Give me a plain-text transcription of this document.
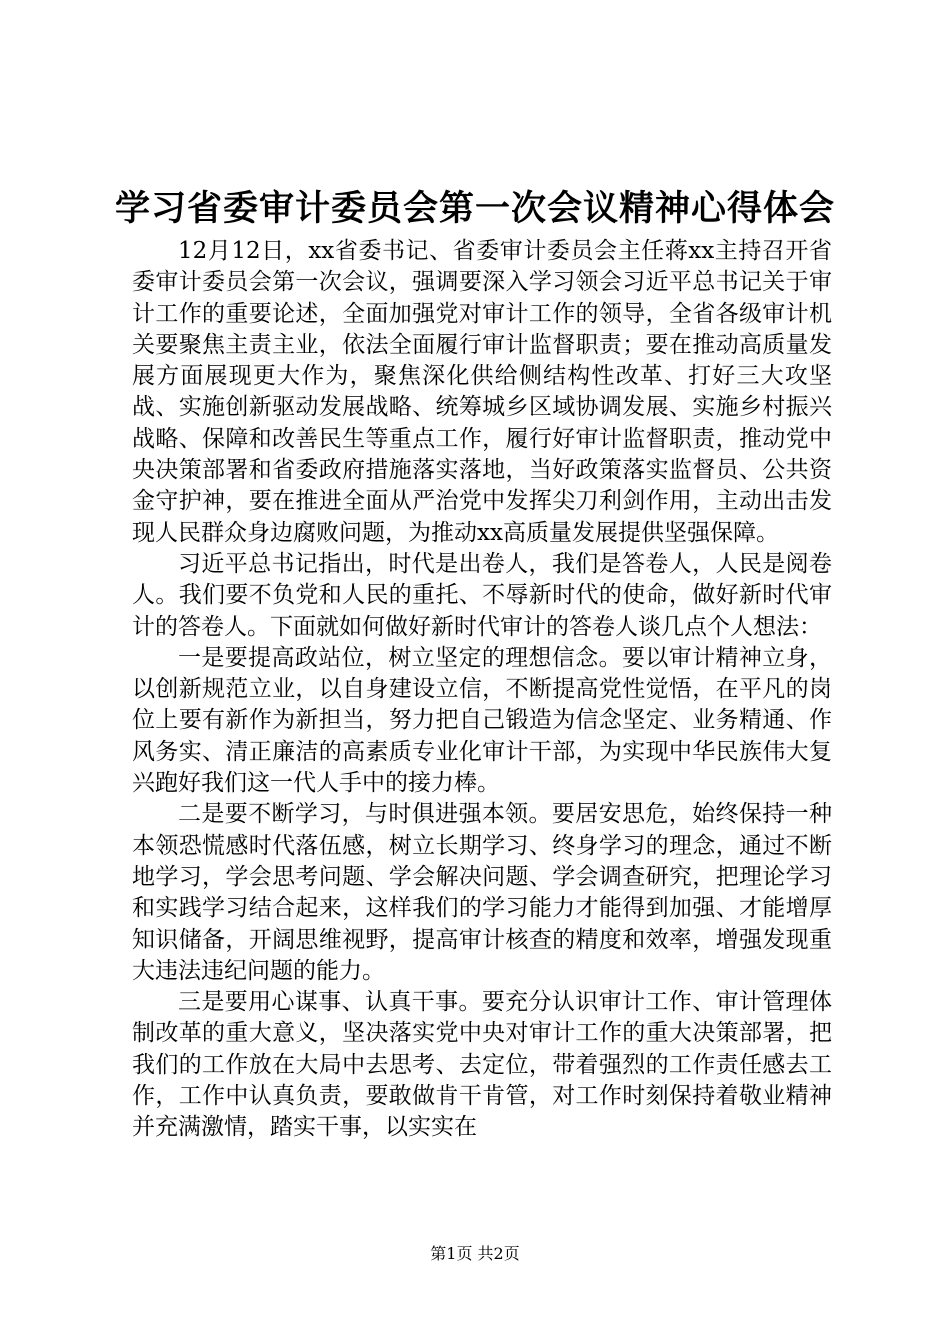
学习省委审计委员会第一次会议精神心得体会

12月12日，xx省委书记、省委审计委员会主任蒋xx主持召开省委审计委员会第一次会议，强调要深入学习领会习近平总书记关于审计工作的重要论述，全面加强党对审计工作的领导，全省各级审计机关要聚焦主责主业，依法全面履行审计监督职责；要在推动高质量发展方面展现更大作为，聚焦深化供给侧结构性改革、打好三大攻坚战、实施创新驱动发展战略、统筹城乡区域协调发展、实施乡村振兴战略、保障和改善民生等重点工作，履行好审计监督职责，推动党中央决策部署和省委政府措施落实落地，当好政策落实监督员、公共资金守护神，要在推进全面从严治党中发挥尖刀利剑作用，主动出击发现人民群众身边腐败问题，为推动xx高质量发展提供坚强保障。

习近平总书记指出，时代是出卷人，我们是答卷人，人民是阅卷人。我们要不负党和人民的重托、不辱新时代的使命，做好新时代审计的答卷人。下面就如何做好新时代审计的答卷人谈几点个人想法：

一是要提高政站位，树立坚定的理想信念。要以审计精神立身，以创新规范立业，以自身建设立信，不断提高党性觉悟，在平凡的岗位上要有新作为新担当，努力把自己锻造为信念坚定、业务精通、作风务实、清正廉洁的高素质专业化审计干部，为实现中华民族伟大复兴跑好我们这一代人手中的接力棒。

二是要不断学习，与时俱进强本领。要居安思危，始终保持一种本领恐慌感时代落伍感，树立长期学习、终身学习的理念，通过不断地学习，学会思考问题、学会解决问题、学会调查研究，把理论学习和实践学习结合起来，这样我们的学习能力才能得到加强、才能增厚知识储备，开阔思维视野，提高审计核查的精度和效率，增强发现重大违法违纪问题的能力。

三是要用心谋事、认真干事。要充分认识审计工作、审计管理体制改革的重大意义，坚决落实党中央对审计工作的重大决策部署，把我们的工作放在大局中去思考、去定位，带着强烈的工作责任感去工作，工作中认真负责，要敢做肯干肯管，对工作时刻保持着敬业精神并充满激情，踏实干事，以实实在

第1页 共2页
